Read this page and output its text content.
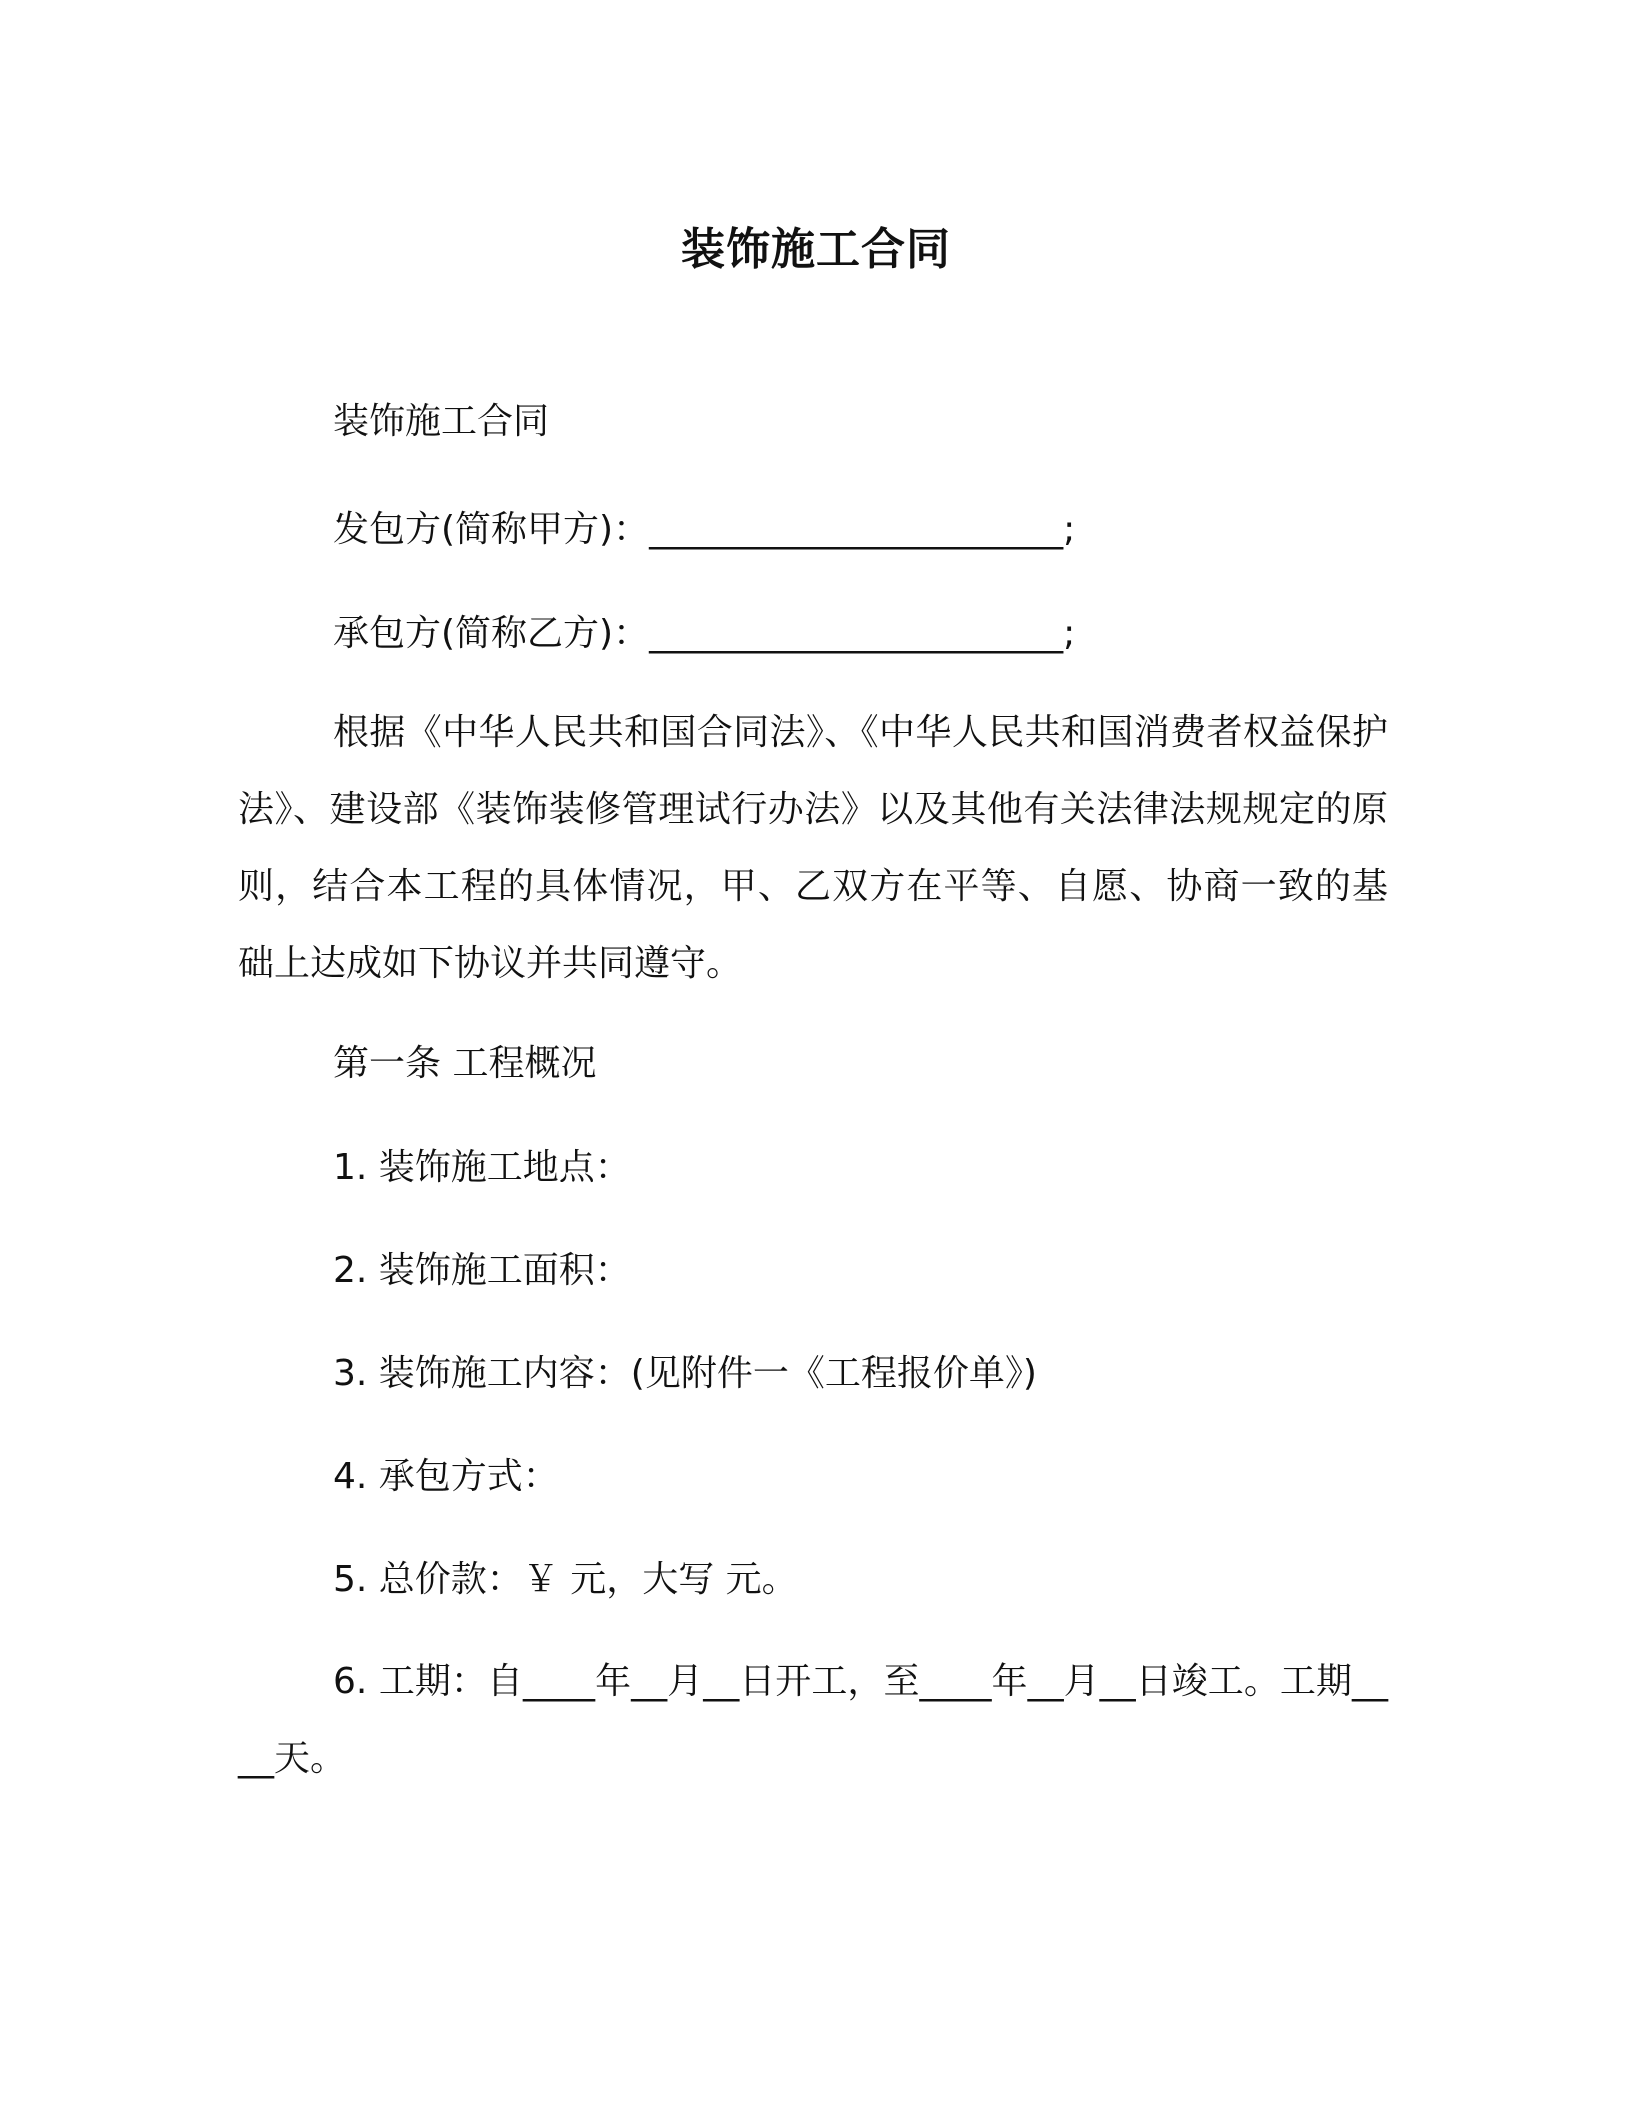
装饰施工合同
装饰施工合同
发包方(简称甲方)：_______________________;
承包方(简称乙方)：_______________________;
根据《中华人民共和国合同法》、《中华人民共和国消费者权益保护法》、建设部《装饰装修管理试行办法》以及其他有关法律法规规定的原则，结合本工程的具体情况，甲、乙双方在平等、自愿、协商一致的基础上达成如下协议并共同遵守。
第一条 工程概况
1. 装饰施工地点：
2. 装饰施工面积：
3. 装饰施工内容：(见附件一《工程报价单》)
4. 承包方式：
5. 总价款：￥ 元，大写 元。
6. 工期：自____年__月__日开工，至____年__月__日竣工。工期____天。
